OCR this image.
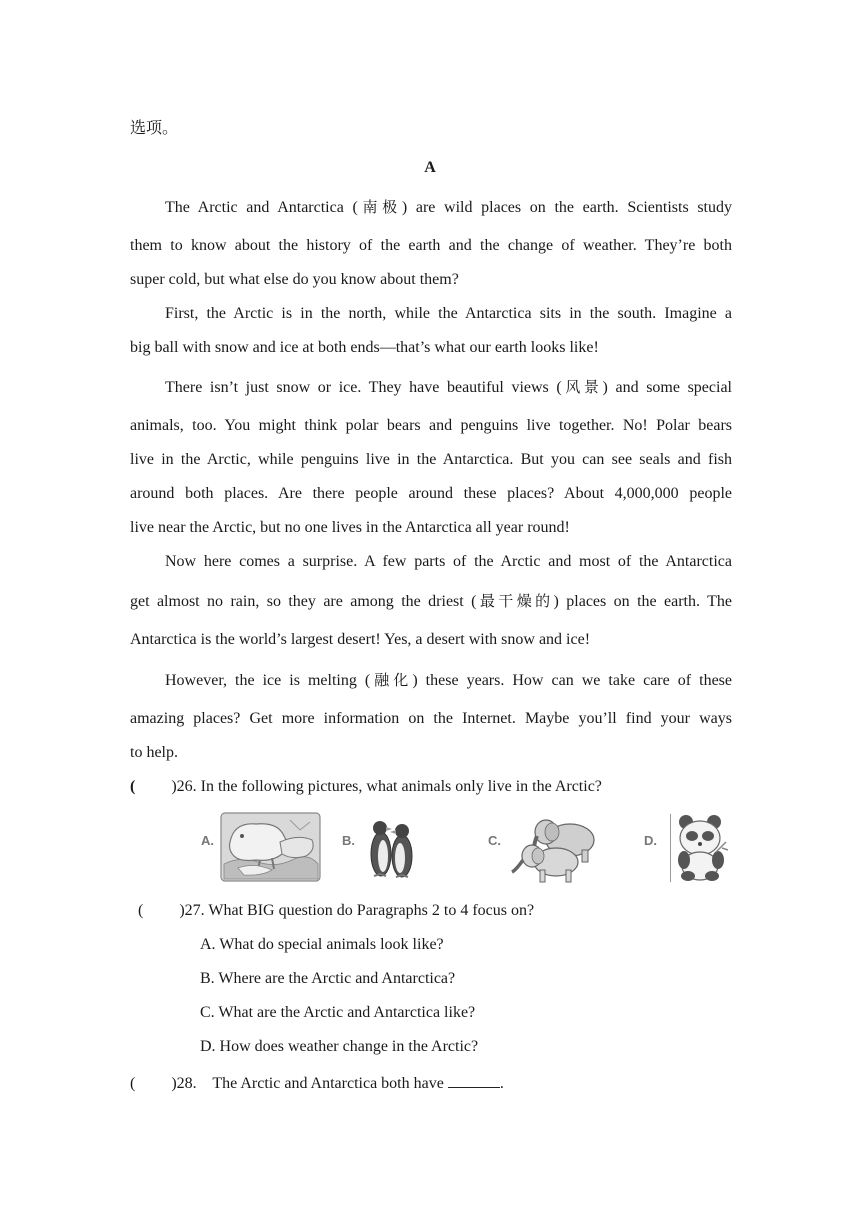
选项。
A
The Arctic and Antarctica (南极) are wild places on the earth. Scientists study
them to know about the history of the earth and the change of weather. They’re both
super cold, but what else do you know about them?
First, the Arctic is in the north, while the Antarctica sits in the south. Imagine a
big ball with snow and ice at both ends—that’s what our earth looks like!
There isn’t just snow or ice. They have beautiful views (风景) and some special
animals, too. You might think polar bears and penguins live together. No! Polar bears
live in the Arctic, while penguins live in the Antarctica. But you can see seals and fish
around both places. Are there people around these places? About 4,000,000 people
live near the Arctic, but no one lives in the Antarctica all year round!
Now here comes a surprise. A few parts of the Arctic and most of the Antarctica
get almost no rain, so they are among the driest (最干燥的) places on the earth. The
Antarctica is the world’s largest desert! Yes, a desert with snow and ice!
However, the ice is melting (融化) these years. How can we take care of these
amazing places? Get more information on the Internet. Maybe you’ll find your ways
to help.
( )26. In the following pictures, what animals only live in the Arctic?
A.	B.	C.	D.
( )27. What BIG question do Paragraphs 2 to 4 focus on?
A. What do special animals look like?
B. Where are the Arctic and Antarctica?
C. What are the Arctic and Antarctica like?
D. How does weather change in the Arctic?
( )28.    The Arctic and Antarctica both have	.
